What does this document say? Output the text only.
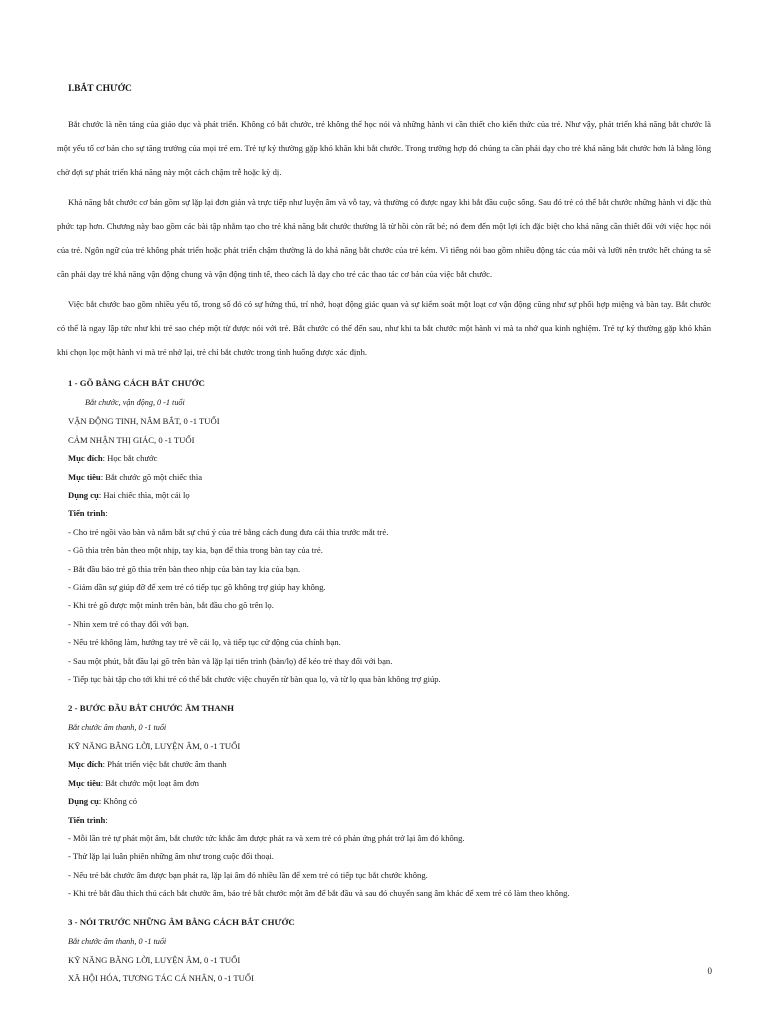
I.BẮT CHƯỚC

Bắt chước là nền tảng của giáo dục và phát triển. Không có bắt chước, trẻ không thể học nói và những hành vi cần thiết cho kiến thức của trẻ. Như vậy, phát triển khả năng bắt chước là một yếu tố cơ bản cho sự tăng trưởng của mọi trẻ em. Trẻ tự kỷ thường gặp khó khăn khi bắt chước. Trong trường hợp đó chúng ta cần phải dạy cho trẻ khả năng bắt chước hơn là bằng lòng chờ đợi sự phát triển khả năng này một cách chậm trễ hoặc kỳ dị.

Khả năng bắt chước cơ bản gồm sự lặp lại đơn giản và trực tiếp như luyện âm và vỗ tay, và thường có được ngay khi bắt đầu cuộc sống. Sau đó trẻ có thể bắt chước những hành vi đặc thù phức tạp hơn. Chương này bao gồm các bài tập nhằm tạo cho trẻ khả năng bắt chước thường là từ hồi còn rất bé; nó đem đến một lợi ích đặc biệt cho khả năng cần thiết đối với việc học nói của trẻ. Ngôn ngữ của trẻ không phát triển hoặc phát triển chậm thường là do khả năng bắt chước của trẻ kém. Vì tiếng nói bao gồm nhiều động tác của môi và lưỡi nên trước hết chúng ta sẽ cần phải dạy trẻ khả năng vận động chung và vận động tinh tế, theo cách là dạy cho trẻ các thao tác cơ bản của việc bắt chước.

Việc bắt chước bao gồm nhiều yếu tố, trong số đó có sự hứng thú, trí nhớ, hoạt động giác quan và sự kiểm soát một loạt cơ vận động cũng như sự phối hợp miệng và bàn tay. Bắt chước có thể là ngay lập tức như khi trẻ sao chép một từ được nói với trẻ. Bắt chước có thể đến sau, như khi ta bắt chước một hành vi mà ta nhớ qua kinh nghiệm. Trẻ tự kỷ thường gặp khó khăn khi chọn lọc một hành vi mà trẻ nhớ lại, trẻ chỉ bắt chước trong tình huống được xác định.

1 - GÕ BẰNG CÁCH BẮT CHƯỚC
Bắt chước, vận động, 0 -1 tuổi
VẬN ĐỘNG TINH, NẮM BẮT, 0 -1 TUỔI
CẢM NHẬN THỊ GIÁC, 0 -1 TUỔI
Mục đích: Học bắt chước
Mục tiêu: Bắt chước gõ một chiếc thìa
Dụng cụ: Hai chiếc thìa, một cái lọ
Tiến trình:
- Cho trẻ ngồi vào bàn và nắm bắt sự chú ý của trẻ bằng cách đung đưa cái thìa trước mắt trẻ.
- Gõ thìa trên bàn theo một nhịp, tay kia, bạn để thìa trong bàn tay của trẻ.
- Bắt đầu bảo trẻ gõ thìa trên bàn theo nhịp của bàn tay kia của bạn.
- Giảm dần sự giúp đỡ để xem trẻ có tiếp tục gõ không trợ giúp hay không.
- Khi trẻ gõ được một mình trên bàn, bắt đầu cho gõ trên lọ.
- Nhìn xem trẻ có thay đổi với bạn.
- Nếu trẻ không làm, hướng tay trẻ về cái lọ, và tiếp tục cử động của chính bạn.
- Sau một phút, bắt đầu lại gõ trên bàn và lặp lại tiến trình (bàn/lọ) để kéo trẻ thay đổi với bạn.
- Tiếp tục bài tập cho tới khi trẻ có thể bắt chước việc chuyển từ bàn qua lọ, và từ lọ qua bàn không trợ giúp.
2 - BƯỚC ĐẦU BẮT CHƯỚC ÂM THANH
Bắt chước âm thanh, 0 -1 tuổi
KỸ NĂNG BẰNG LỜI, LUYỆN ÂM, 0 -1 TUỔI
Mục đích: Phát triển việc bắt chước âm thanh
Mục tiêu: Bắt chước một loạt âm đơn
Dụng cụ: Không có
Tiến trình:
- Mỗi lần trẻ tự phát một âm, bắt chước tức khắc âm được phát ra và xem trẻ có phản ứng phát trở lại âm đó không.
- Thử lặp lại luân phiên những âm như trong cuộc đối thoại.
- Nếu trẻ bắt chước âm được bạn phát ra, lặp lại âm đó nhiều lần để xem trẻ có tiếp tục bắt chước không.
- Khi trẻ bắt đầu thích thú cách bắt chước âm, bảo trẻ bắt chước một âm để bắt đầu và sau đó chuyển sang âm khác để xem trẻ có làm theo không.
3 - NÓI TRƯỚC NHỮNG ÂM BẰNG CÁCH BẮT CHƯỚC
Bắt chước âm thanh, 0 -1 tuổi
KỸ NĂNG BẰNG LỜI, LUYỆN ÂM, 0 -1 TUỔI
XÃ HỘI HÓA, TƯƠNG TÁC CÁ NHÂN, 0 -1 TUỔI
0
